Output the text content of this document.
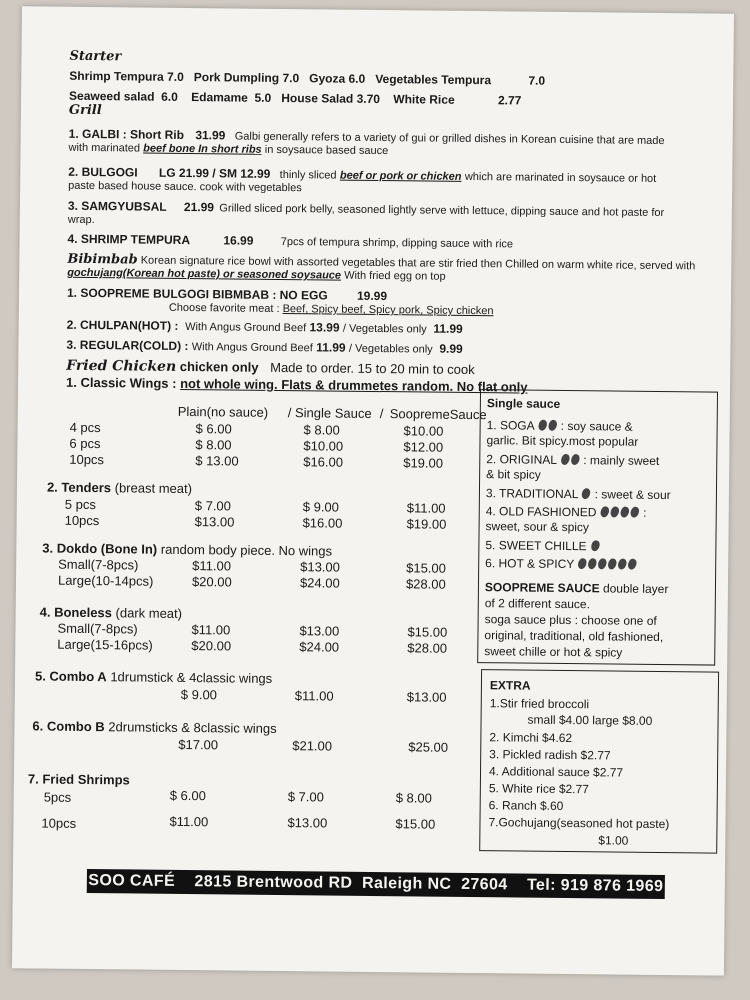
Starter
Shrimp Tempura 7.0 Pork Dumpling 7.0 Gyoza 6.0 Vegetables Tempura	7.0
Seaweed salad 6.0 Edamame 5.0 House Salad 3.70 White Rice	2.77
Grill
1. GALBI : Short Rib 31.99 Galbi generally refers to a variety of gui or grilled dishes in Korean cuisine that are made
with marinated beef bone In short ribs in soysauce based sauce
2. BULGOGI LG 21.99 / SM 12.99 thinly sliced beef or pork or chicken which are marinated in soysauce or hot
paste based house sauce. cook with vegetables
3. SAMGYUBSAL 21.99 Grilled sliced pork belly, seasoned lightly serve with lettuce, dipping sauce and hot paste for
wrap.
4. SHRIMP TEMPURA	16.99 7pcs of tempura shrimp, dipping sauce with rice
Bibimbab Korean signature rice bowl with assorted vegetables that are stir fried then Chilled on warm white rice, served with
gochujang(Korean hot paste) or seasoned soysauce With fried egg on top
1. SOOPREME BULGOGI BIBMBAB : NO EGG 19.99
Choose favorite meat : Beef, Spicy beef, Spicy pork, Spicy chicken
2. CHULPAN(HOT) : With Angus Ground Beef 13.99 / Vegetables only 11.99
3. REGULAR(COLD) : With Angus Ground Beef 11.99 / Vegetables only 9.99
Fried Chicken chicken only Made to order. 15 to 20 min to cook
1. Classic Wings : not whole wing. Flats & drummetes random. No flat only
Plain(no sauce) / Single Sauce / SoopremeSauce
4 pcs	$ 6.00	$ 8.00	$10.00
6 pcs	$ 8.00	$10.00	$12.00
10pcs	$ 13.00	$16.00	$19.00
2. Tenders (breast meat)
5 pcs	$ 7.00	$ 9.00	$11.00
10pcs	$13.00	$16.00	$19.00
3. Dokdo (Bone In) random body piece. No wings
Small(7-8pcs)	$11.00	$13.00	$15.00
Large(10-14pcs)	$20.00	$24.00	$28.00
4. Boneless (dark meat)
Small(7-8pcs)	$11.00	$13.00	$15.00
Large(15-16pcs)	$20.00	$24.00	$28.00
5. Combo A 1drumstick & 4classic wings
$ 9.00	$11.00	$13.00
6. Combo B 2drumsticks & 8classic wings
$17.00	$21.00	$25.00
7. Fried Shrimps
5pcs	$ 6.00	$ 7.00	$ 8.00
10pcs	$11.00	$13.00	$15.00
Single sauce
1. SOGA : soy sauce &
garlic. Bit spicy.most popular
2. ORIGINAL : mainly sweet
& bit spicy
3. TRADITIONAL : sweet & sour
4. OLD FASHIONED	:
sweet, sour & spicy
5. SWEET CHILLE
6. HOT & SPICY
SOOPREME SAUCE double layer
of 2 different sauce.
soga sauce plus : choose one of
original, traditional, old fashioned,
sweet chille or hot & spicy
EXTRA
1.Stir fried broccoli
small $4.00 large $8.00
2. Kimchi $4.62
3. Pickled radish $2.77
4. Additional sauce $2.77
5. White rice $2.77
6. Ranch $.60
7.Gochujang(seasoned hot paste)
$1.00
SOO CAFÉ    2815 Brentwood RD  Raleigh NC  27604    Tel: 919 876 1969
